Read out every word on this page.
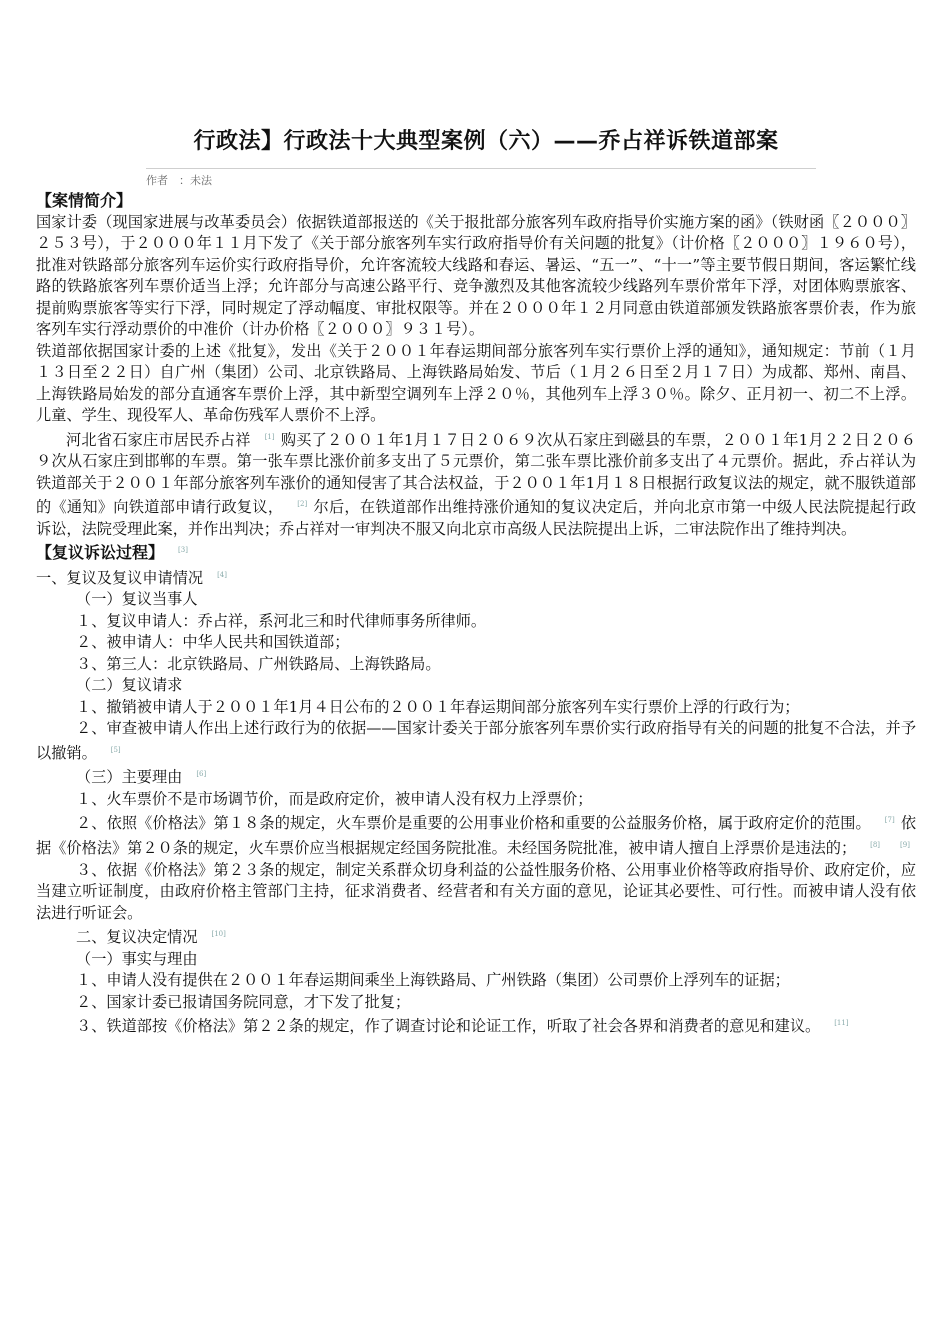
行政法】行政法十大典型案例（六）——乔占祥诉铁道部案
作者　：未法

【案情简介】

国家计委（现国家进展与改革委员会）依据铁道部报送的《关于报批部分旅客列车政府指导价实施方案的函》（铁财函〖２０００〗２５３号），于２０００年１１月下发了《关于部分旅客列车实行政府指导价有关问题的批复》（计价格〖２０００〗１９６０号），批准对铁路部分旅客列车运价实行政府指导价，允许客流较大线路和春运、暑运、“五一”、“十一”等主要节假日期间，客运繁忙线路的铁路旅客列车票价适当上浮；允许部分与高速公路平行、竞争激烈及其他客流较少线路列车票价常年下浮，对团体购票旅客、提前购票旅客等实行下浮，同时规定了浮动幅度、审批权限等。并在２０００年１２月同意由铁道部颁发铁路旅客票价表，作为旅客列车实行浮动票价的中准价（计办价格〖２０００〗９３１号）。

铁道部依据国家计委的上述《批复》，发出《关于２００１年春运期间部分旅客列车实行票价上浮的通知》，通知规定：节前（１月１３日至２２日）自广州（集团）公司、北京铁路局、上海铁路局始发、节后（１月２６日至２月１７日）为成都、郑州、南昌、上海铁路局始发的部分直通客车票价上浮，其中新型空调列车上浮２０％，其他列车上浮３０％。除夕、正月初一、初二不上浮。儿童、学生、现役军人、革命伤残军人票价不上浮。

河北省石家庄市居民乔占祥 [1] 购买了２００１年1月１７日２０６９次从石家庄到磁县的车票，２００１年1月２２日２０６９次从石家庄到邯郸的车票。第一张车票比涨价前多支出了５元票价，第二张车票比涨价前多支出了４元票价。据此，乔占祥认为铁道部关于２００１年部分旅客列车涨价的通知侵害了其合法权益，于２００１年1月１８日根据行政复议法的规定，就不服铁道部的《通知》向铁道部申请行政复议， [2] 尔后，在铁道部作出维持涨价通知的复议决定后，并向北京市第一中级人民法院提起行政诉讼，法院受理此案，并作出判决；乔占祥对一审判决不服又向北京市高级人民法院提出上诉，二审法院作出了维持判决。

【复议诉讼过程】 [3]

一、复议及复议申请情况 [4]

（一）复议当事人

１、复议申请人：乔占祥，系河北三和时代律师事务所律师。

２、被申请人：中华人民共和国铁道部；

３、第三人：北京铁路局、广州铁路局、上海铁路局。

（二）复议请求

１、撤销被申请人于２００１年1月４日公布的２００１年春运期间部分旅客列车实行票价上浮的行政行为；

２、审查被申请人作出上述行政行为的依据——国家计委关于部分旅客列车票价实行政府指导有关的问题的批复不合法，并予以撤销。 [5]

（三）主要理由 [6]

１、火车票价不是市场调节价，而是政府定价，被申请人没有权力上浮票价；

２、依照《价格法》第１８条的规定，火车票价是重要的公用事业价格和重要的公益服务价格，属于政府定价的范围。 [7] 依据《价格法》第２０条的规定，火车票价应当根据规定经国务院批准。未经国务院批准，被申请人擅自上浮票价是违法的； [8]	[9]

３、依据《价格法》第２３条的规定，制定关系群众切身利益的公益性服务价格、公用事业价格等政府指导价、政府定价，应当建立听证制度，由政府价格主管部门主持，征求消费者、经营者和有关方面的意见，论证其必要性、可行性。而被申请人没有依法进行听证会。

二、复议决定情况 [10]

（一）事实与理由

１、申请人没有提供在２００１年春运期间乘坐上海铁路局、广州铁路（集团）公司票价上浮列车的证据；

２、国家计委已报请国务院同意，才下发了批复；

３、铁道部按《价格法》第２２条的规定，作了调查讨论和论证工作，听取了社会各界和消费者的意见和建议。 [11]
